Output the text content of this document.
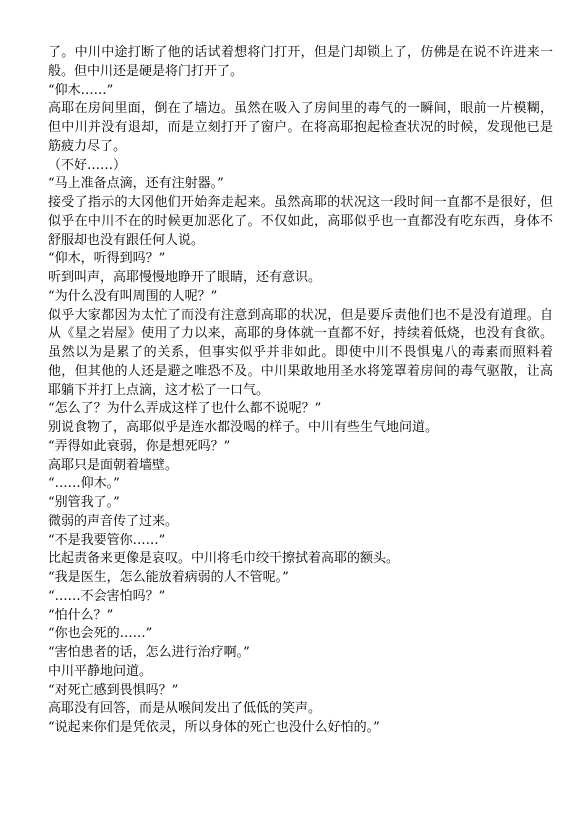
了。中川中途打断了他的话试着想将门打开，但是门却锁上了，仿佛是在说不许进来一般。但中川还是硬是将门打开了。

“仰木……”

高耶在房间里面，倒在了墙边。虽然在吸入了房间里的毒气的一瞬间，眼前一片模糊，但中川并没有退却，而是立刻打开了窗户。在将高耶抱起检查状况的时候，发现他已是筋疲力尽了。

（不好……）

“马上准备点滴，还有注射器。”

接受了指示的大冈他们开始奔走起来。虽然高耶的状况这一段时间一直都不是很好，但似乎在中川不在的时候更加恶化了。不仅如此，高耶似乎也一直都没有吃东西，身体不舒服却也没有跟任何人说。

“仰木，听得到吗？”

听到叫声，高耶慢慢地睁开了眼睛，还有意识。

“为什么没有叫周围的人呢？”

似乎大家都因为太忙了而没有注意到高耶的状况，但是要斥责他们也不是没有道理。自从《星之岩屋》使用了力以来，高耶的身体就一直都不好，持续着低烧，也没有食欲。虽然以为是累了的关系，但事实似乎并非如此。即使中川不畏惧鬼八的毒素而照料着他，但其他的人还是避之唯恐不及。中川果敢地用圣水将笼罩着房间的毒气驱散，让高耶躺下并打上点滴，这才松了一口气。

“怎么了？为什么弄成这样了也什么都不说呢？”

别说食物了，高耶似乎是连水都没喝的样子。中川有些生气地问道。

“弄得如此衰弱，你是想死吗？”

高耶只是面朝着墙壁。

“……仰木。”

“别管我了。”

微弱的声音传了过来。

“不是我要管你……”

比起责备来更像是哀叹。中川将毛巾绞干擦拭着高耶的额头。

“我是医生，怎么能放着病弱的人不管呢。”

“……不会害怕吗？”

“怕什么？”

“你也会死的……”

“害怕患者的话，怎么进行治疗啊。”

中川平静地问道。

“对死亡感到畏惧吗？”

高耶没有回答，而是从喉间发出了低低的笑声。

“说起来你们是凭依灵，所以身体的死亡也没什么好怕的。”
